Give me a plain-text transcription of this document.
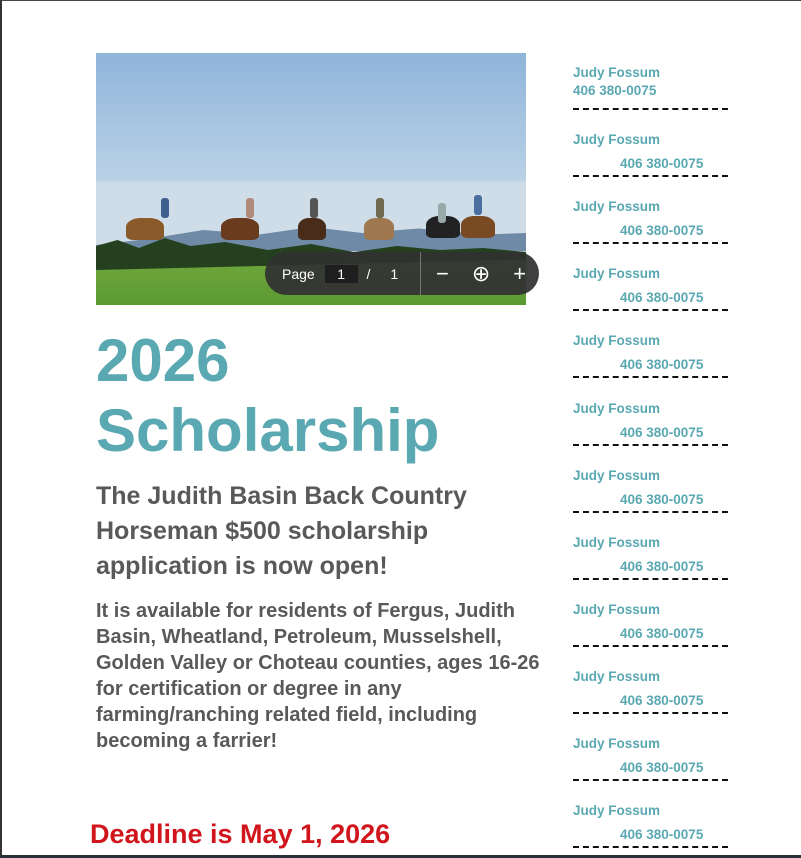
2026
Scholarship
The Judith Basin Back Country Horseman $500 scholarship application is now open!
It is available for residents of Fergus, Judith Basin, Wheatland, Petroleum, Musselshell, Golden Valley or Choteau counties, ages 16-26 for certification or degree in any farming/ranching related field, including becoming a farrier!
Deadline is May 1, 2026
Judy Fossum
406 380-0075
Judy Fossum
406 380-0075
Judy Fossum
406 380-0075
Judy Fossum
406 380-0075
Judy Fossum
406 380-0075
Judy Fossum
406 380-0075
Judy Fossum
406 380-0075
Judy Fossum
406 380-0075
Judy Fossum
406 380-0075
Judy Fossum
406 380-0075
Judy Fossum
406 380-0075
Judy Fossum
406 380-0075
Page	1	/ 1	−	⊕	+
